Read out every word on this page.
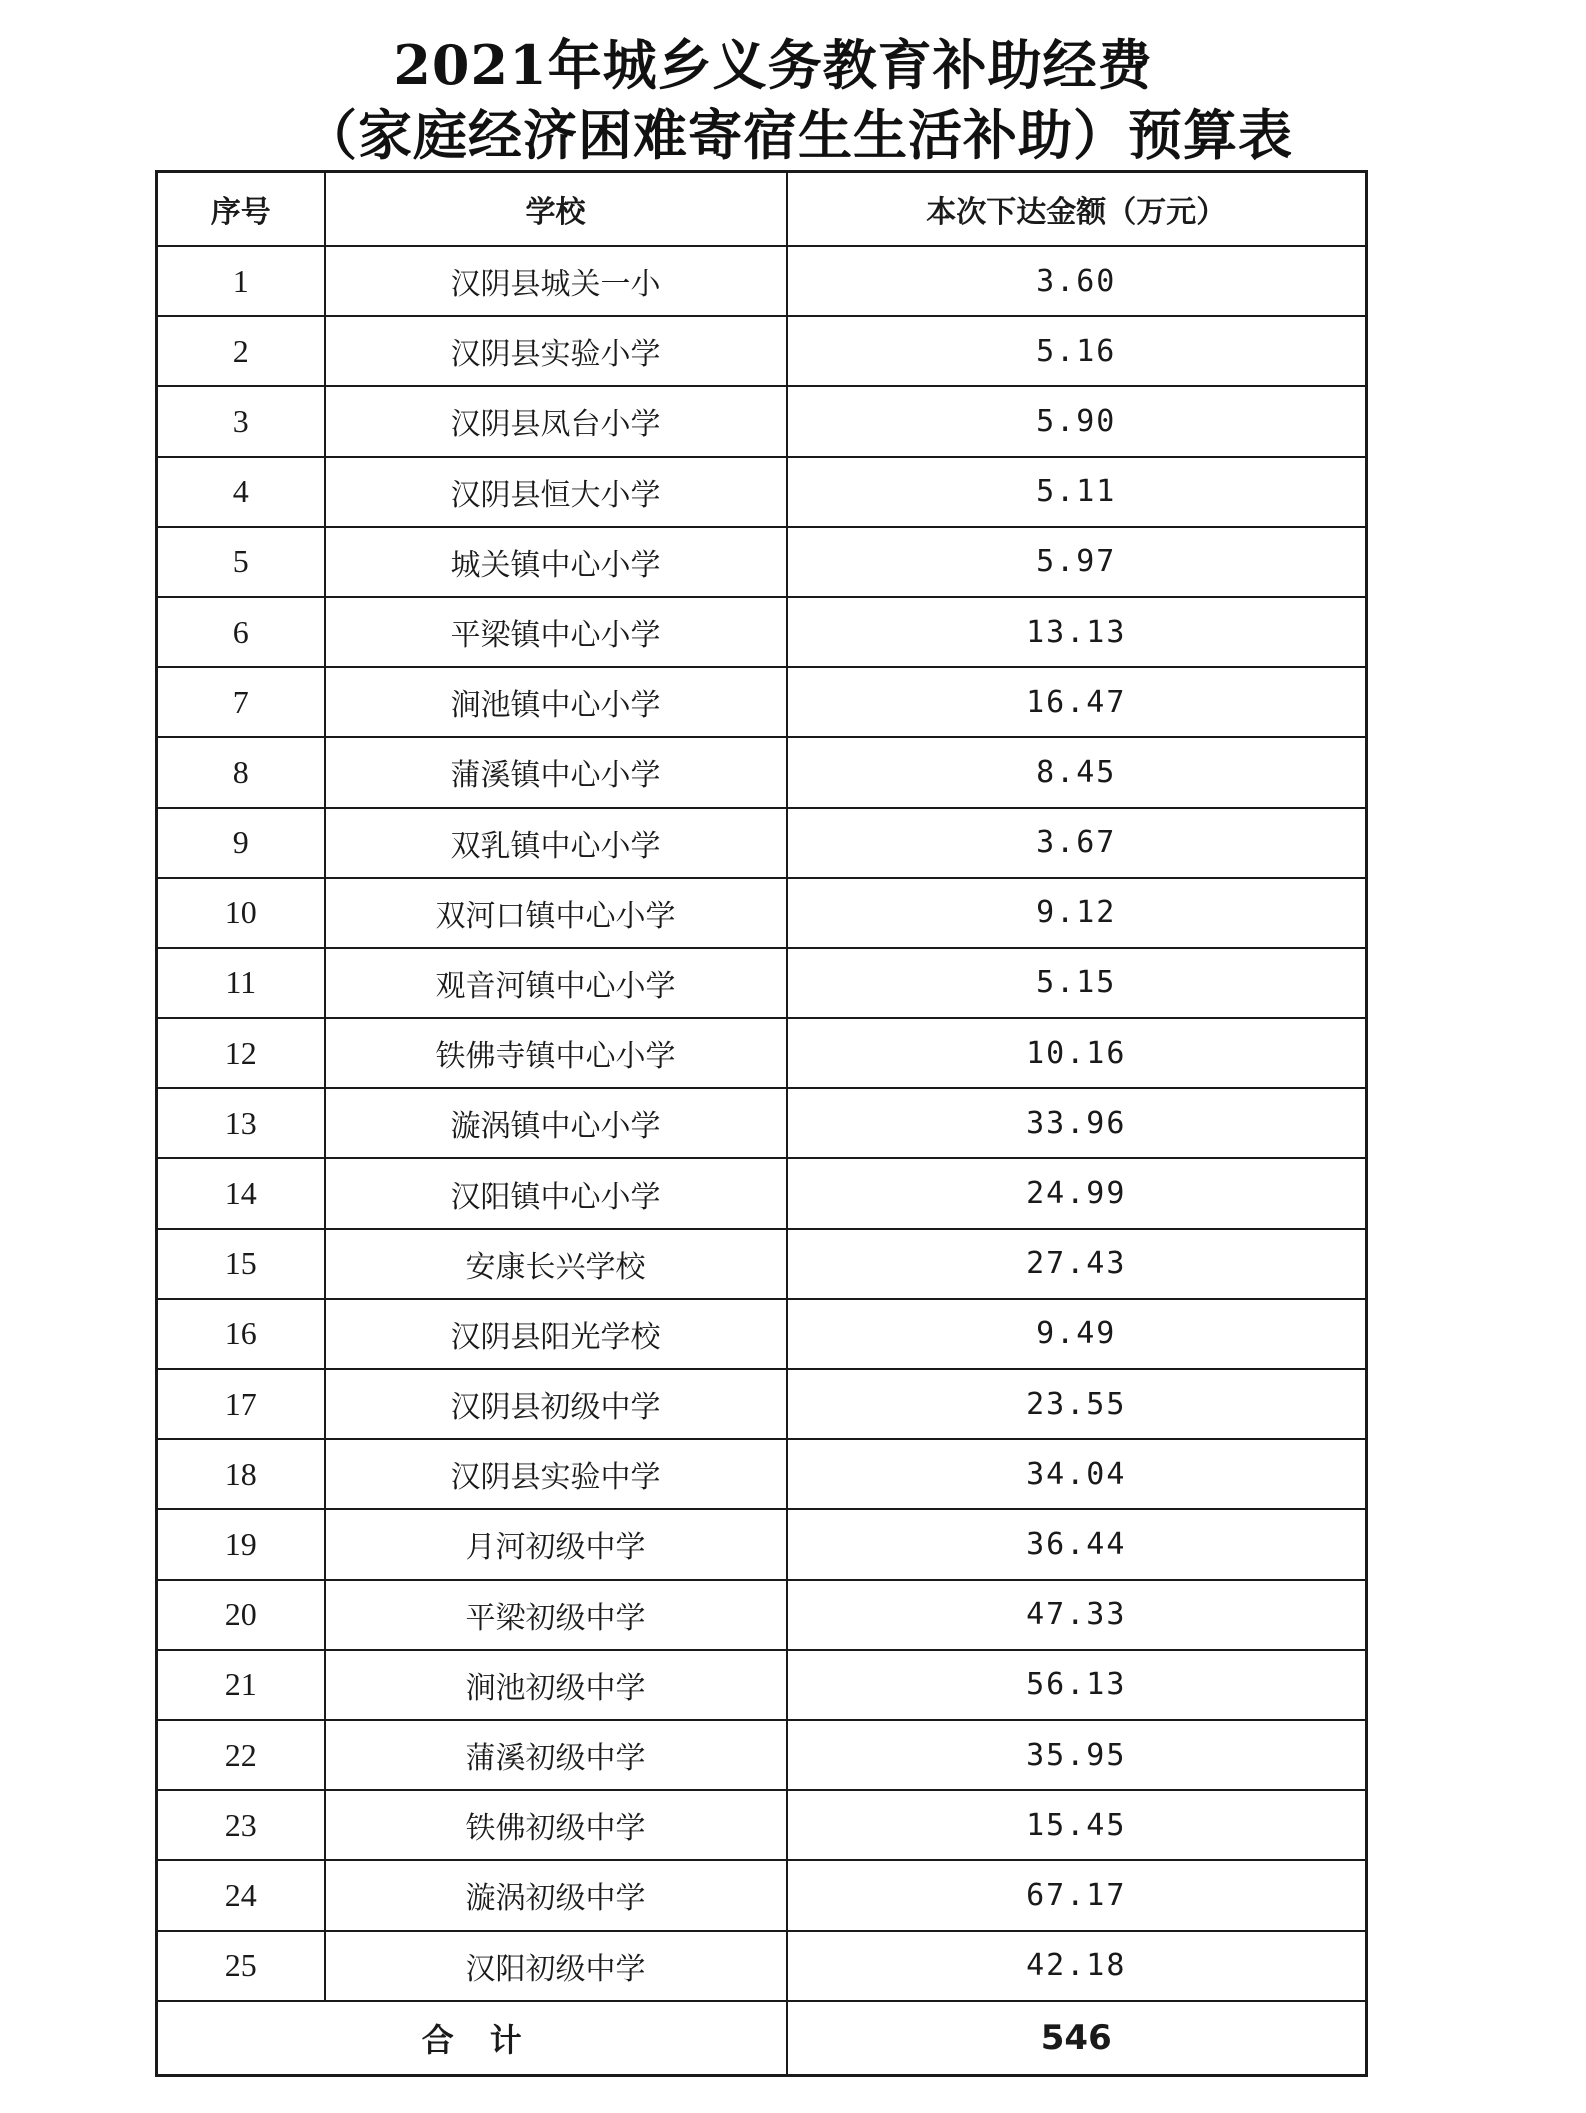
2021年城乡义务教育补助经费
（家庭经济困难寄宿生生活补助）预算表
序号	学校	本次下达金额（万元）
1	汉阴县城关一小	3.60
2	汉阴县实验小学	5.16
3	汉阴县凤台小学	5.90
4	汉阴县恒大小学	5.11
5	城关镇中心小学	5.97
6	平梁镇中心小学	13.13
7	涧池镇中心小学	16.47
8	蒲溪镇中心小学	8.45
9	双乳镇中心小学	3.67
10	双河口镇中心小学	9.12
11	观音河镇中心小学	5.15
12	铁佛寺镇中心小学	10.16
13	漩涡镇中心小学	33.96
14	汉阳镇中心小学	24.99
15	安康长兴学校	27.43
16	汉阴县阳光学校	9.49
17	汉阴县初级中学	23.55
18	汉阴县实验中学	34.04
19	月河初级中学	36.44
20	平梁初级中学	47.33
21	涧池初级中学	56.13
22	蒲溪初级中学	35.95
23	铁佛初级中学	15.45
24	漩涡初级中学	67.17
25	汉阳初级中学	42.18
合计		546
